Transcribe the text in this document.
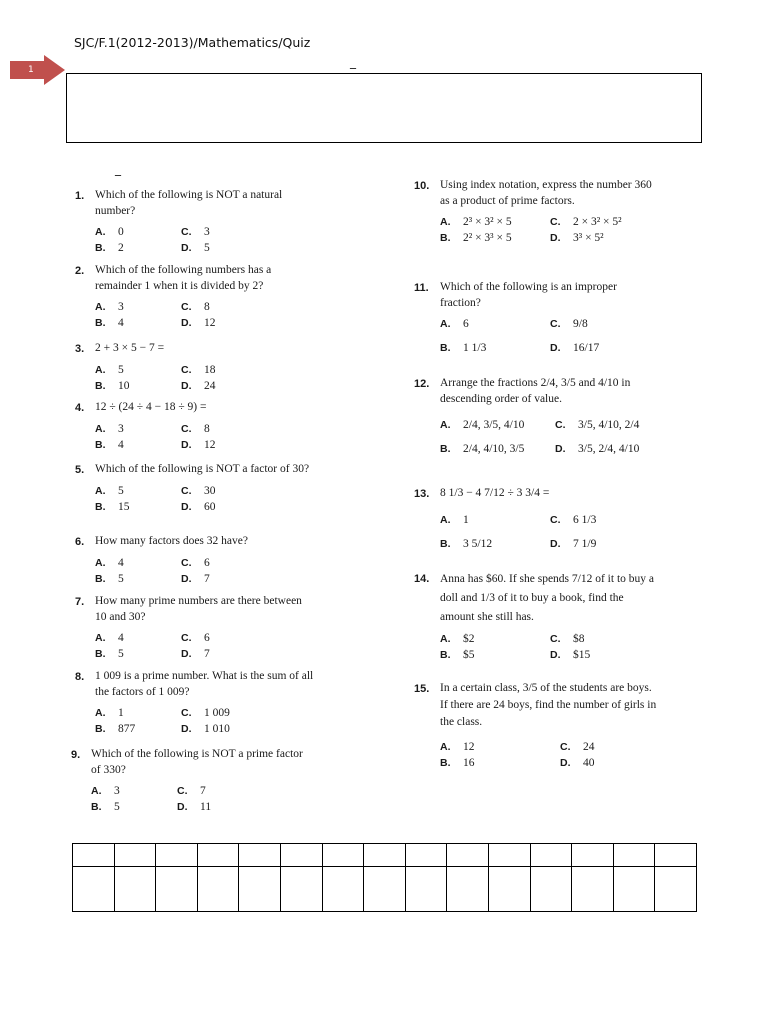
SJC/F.1(2012-2013)/Mathematics/Quiz
1
_
_
1. Which of the following is NOT a natural number?
A.	0	C.	3
B.	2	D.	5
2. Which of the following numbers has a remainder 1 when it is divided by 2?
A.	3	C.	8
B.	4	D.	12
3. 2 + 3 × 5 − 7 =
A.	5	C.	18
B.	10	D.	24
4. 12 ÷ (24 ÷ 4 − 18 ÷ 9) =
A.	3	C.	8
B.	4	D.	12
5. Which of the following is NOT a factor of 30?
A.	5	C.	30
B.	15	D.	60
6. How many factors does 32 have?
A.	4	C.	6
B.	5	D.	7
7. How many prime numbers are there between 10 and 30?
A.	4	C.	6
B.	5	D.	7
8. 1 009 is a prime number. What is the sum of all the factors of 1 009?
A.	1	C.	1 009
B.	877	D.	1 010
9. Which of the following is NOT a prime factor of 330?
A.	3	C.	7
B.	5	D.	11
10. Using index notation, express the number 360 as a product of prime factors.
A.	2³ × 3² × 5	C.	2 × 3² × 5²
B.	2² × 3³ × 5	D.	3³ × 5²
11. Which of the following is an improper fraction?
A.	6	C.	9/8
B.	1 1/3	D.	16/17
12. Arrange the fractions 2/4, 3/5 and 4/10 in descending order of value.
A.	2/4, 3/5, 4/10	C.	3/5, 4/10, 2/4
B.	2/4, 4/10, 3/5	D.	3/5, 2/4, 4/10
13. 8 1/3 − 4 7/12 ÷ 3 3/4 =
A.	1	C.	6 1/3
B.	3 5/12	D.	7 1/9
14. Anna has $60. If she spends 7/12 of it to buy a doll and 1/3 of it to buy a book, find the amount she still has.
A.	$2	C.	$8
B.	$5	D.	$15
15. In a certain class, 3/5 of the students are boys. If there are 24 boys, find the number of girls in the class.
A.	12	C.	24
B.	16	D.	40
